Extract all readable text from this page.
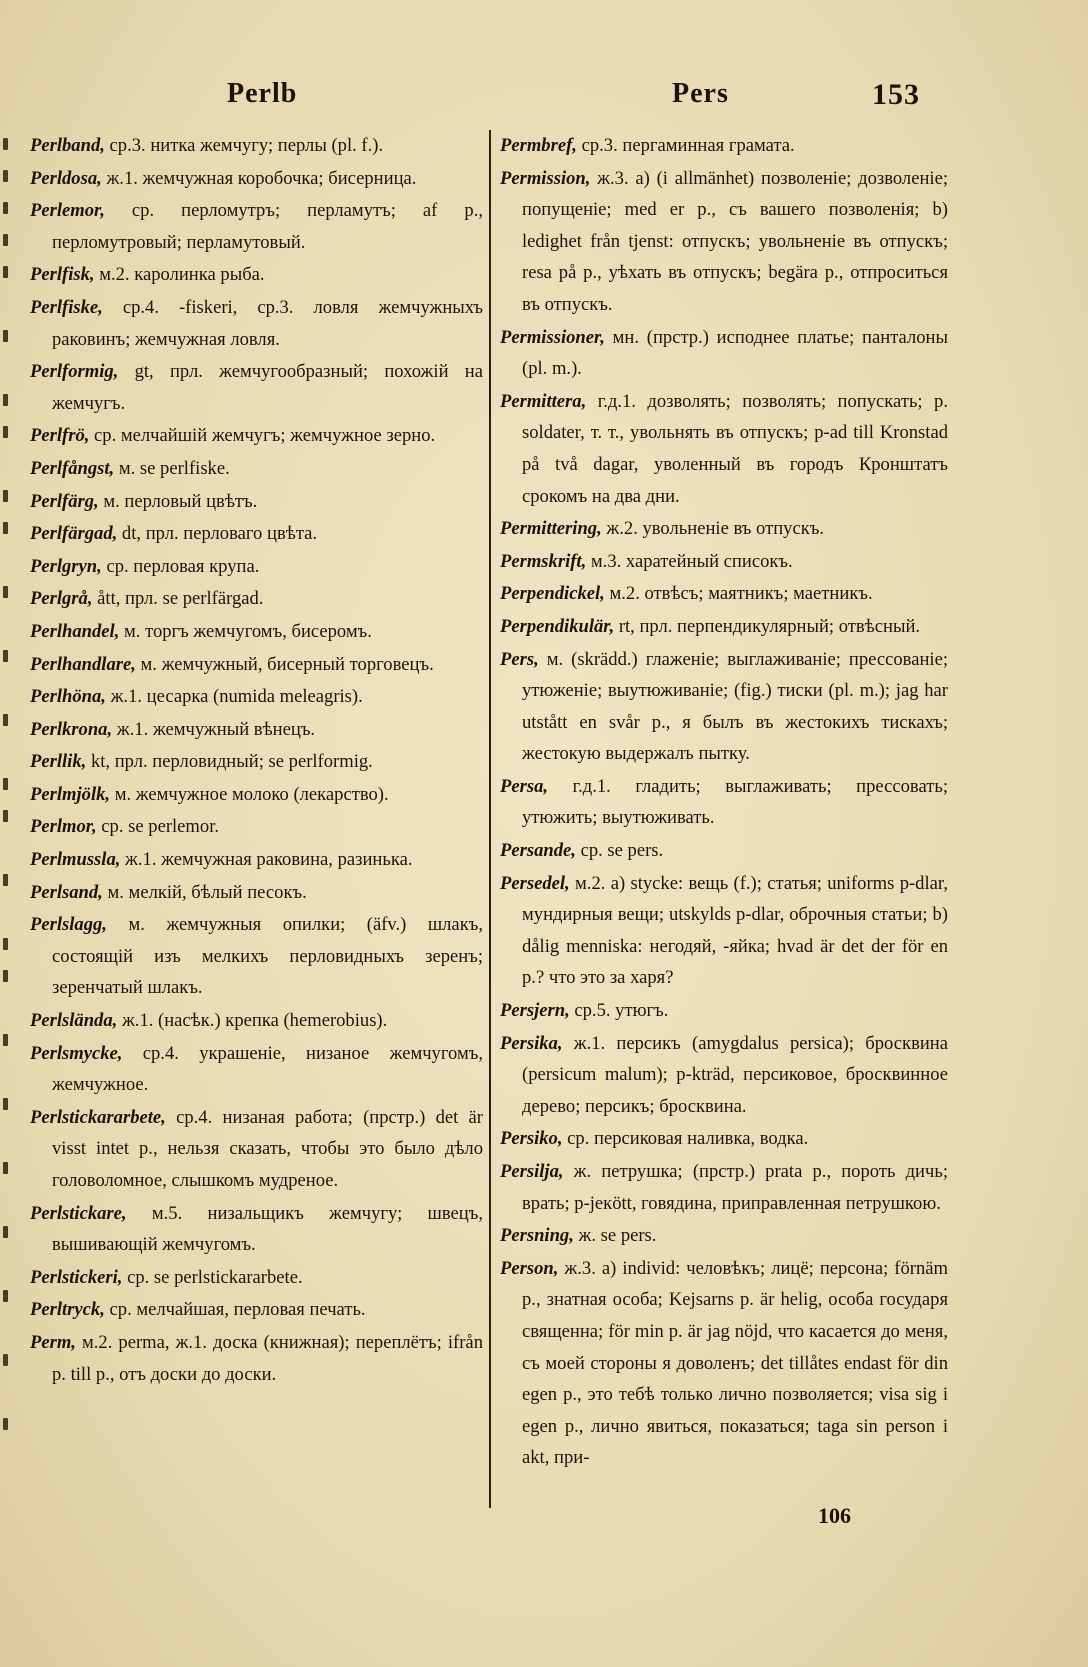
Perlb	Pers	153
Perlband, ср.3. нитка жемчугу; перлы (pl. f.).
Perldosa, ж.1. жемчужная коробочка; бисерница.
Perlemor, ср. перломутръ; перламутъ; af p., перломутровый; перламутовый.
Perlfisk, м.2. каролинка рыба.
Perlfiske, ср.4. -fiskeri, ср.3. ловля жемчужныхъ раковинъ; жемчужная ловля.
Perlformig, gt, прл. жемчугообразный; похожій на жемчугъ.
Perlfrö, ср. мелчайшій жемчугъ; жемчужное зерно.
Perlfångst, м. se perlfiske.
Perlfärg, м. перловый цвѣтъ.
Perlfärgad, dt, прл. перловаго цвѣта.
Perlgryn, ср. перловая крупа.
Perlgrå, ått, прл. se perlfärgad.
Perlhandel, м. торгъ жемчугомъ, бисеромъ.
Perlhandlare, м. жемчужный, бисерный торговецъ.
Perlhöna, ж.1. цесарка (numida meleagris).
Perlkrona, ж.1. жемчужный вѣнецъ.
Perllik, kt, прл. перловидный; se perlformig.
Perlmjölk, м. жемчужное молоко (лекарство).
Perlmor, ср. se perlemor.
Perlmussla, ж.1. жемчужная раковина, разинька.
Perlsand, м. мелкій, бѣлый песокъ.
Perlslagg, м. жемчужныя опилки; (äfv.) шлакъ, состоящій изъ мелкихъ перловидныхъ зеренъ; зеренчатый шлакъ.
Perlsländа, ж.1. (насѣк.) крепка (hemerobius).
Perlsmycke, ср.4. украшеніе, низаное жемчугомъ, жемчужное.
Perlstickararbete, ср.4. низаная работа; (прстр.) det är visst intet p., нельзя сказать, чтобы это было дѣло головоломное, слышкомъ мудреное.
Perlstickare, м.5. низальщикъ жемчугу; швецъ, вышивающій жемчугомъ.
Perlstickeri, ср. se perlstickararbete.
Perltryck, ср. мелчайшая, перловая печать.
Perm, м.2. perma, ж.1. доска (книжная); переплётъ; ifrån p. till p., отъ доски до доски.
Permbref, ср.3. пергаминная грамата.
Permission, ж.3. a) (i allmänhet) позволеніе; дозволеніе; попущеніе; med er p., съ вашего позволенія; b) ledighet från tjenst: отпускъ; увольненіе въ отпускъ; resa på p., уѣхать въ отпускъ; begära p., отпроситься въ отпускъ.
Permissioner, мн. (прстр.) исподнее платье; панталоны (pl. m.).
Permittera, г.д.1. дозволять; позволять; попускать; p. soldater, т. т., увольнять въ отпускъ; p-ad till Kronstad på två dagar, уволенный въ городъ Кронштатъ срокомъ на два дни.
Permittering, ж.2. увольненіе въ отпускъ.
Permskrift, м.3. харатейный списокъ.
Perpendickel, м.2. отвѣсъ; маятникъ; маетникъ.
Perpendikulär, rt, прл. перпендикулярный; отвѣсный.
Pers, м. (skrädd.) глаженіе; выглаживаніе; прессованіе; утюженіе; выутюживаніе; (fig.) тиски (pl. m.); jag har utstått en svår p., я былъ въ жестокихъ тискахъ; жестокую выдержалъ пытку.
Persa, г.д.1. гладить; выглаживать; прессовать; утюжить; выутюживать.
Persande, ср. se pers.
Persedel, м.2. a) stycke: вещь (f.); статья; uniforms p-dlar, мундирныя вещи; utskylds p-dlar, оброчныя статьи; b) dålig menniska: негодяй, -яйка; hvad är det der för en p.? что это за харя?
Persjern, ср.5. утюгъ.
Persika, ж.1. персикъ (amygdalus persica); бросквина (persicum malum); p-kträd, персиковое, бросквинное дерево; персикъ; бросквина.
Persiko, ср. персиковая наливка, водка.
Persilja, ж. петрушка; (прстр.) prata p., пороть дичь; врать; p-jeкött, говядина, приправленная петрушкою.
Persning, ж. se pers.
Person, ж.3. a) individ: человѣкъ; лицё; персона; förnäm p., знатная особа; Kejsarns p. är helig, особа государя священна; för min p. är jag nöjd, что касается до меня, съ моей стороны я доволенъ; det tillåtes endast för din egen p., это тебѣ только лично позволяется; visa sig i egen p., лично явиться, показаться; taga sin person i akt, при-
106
